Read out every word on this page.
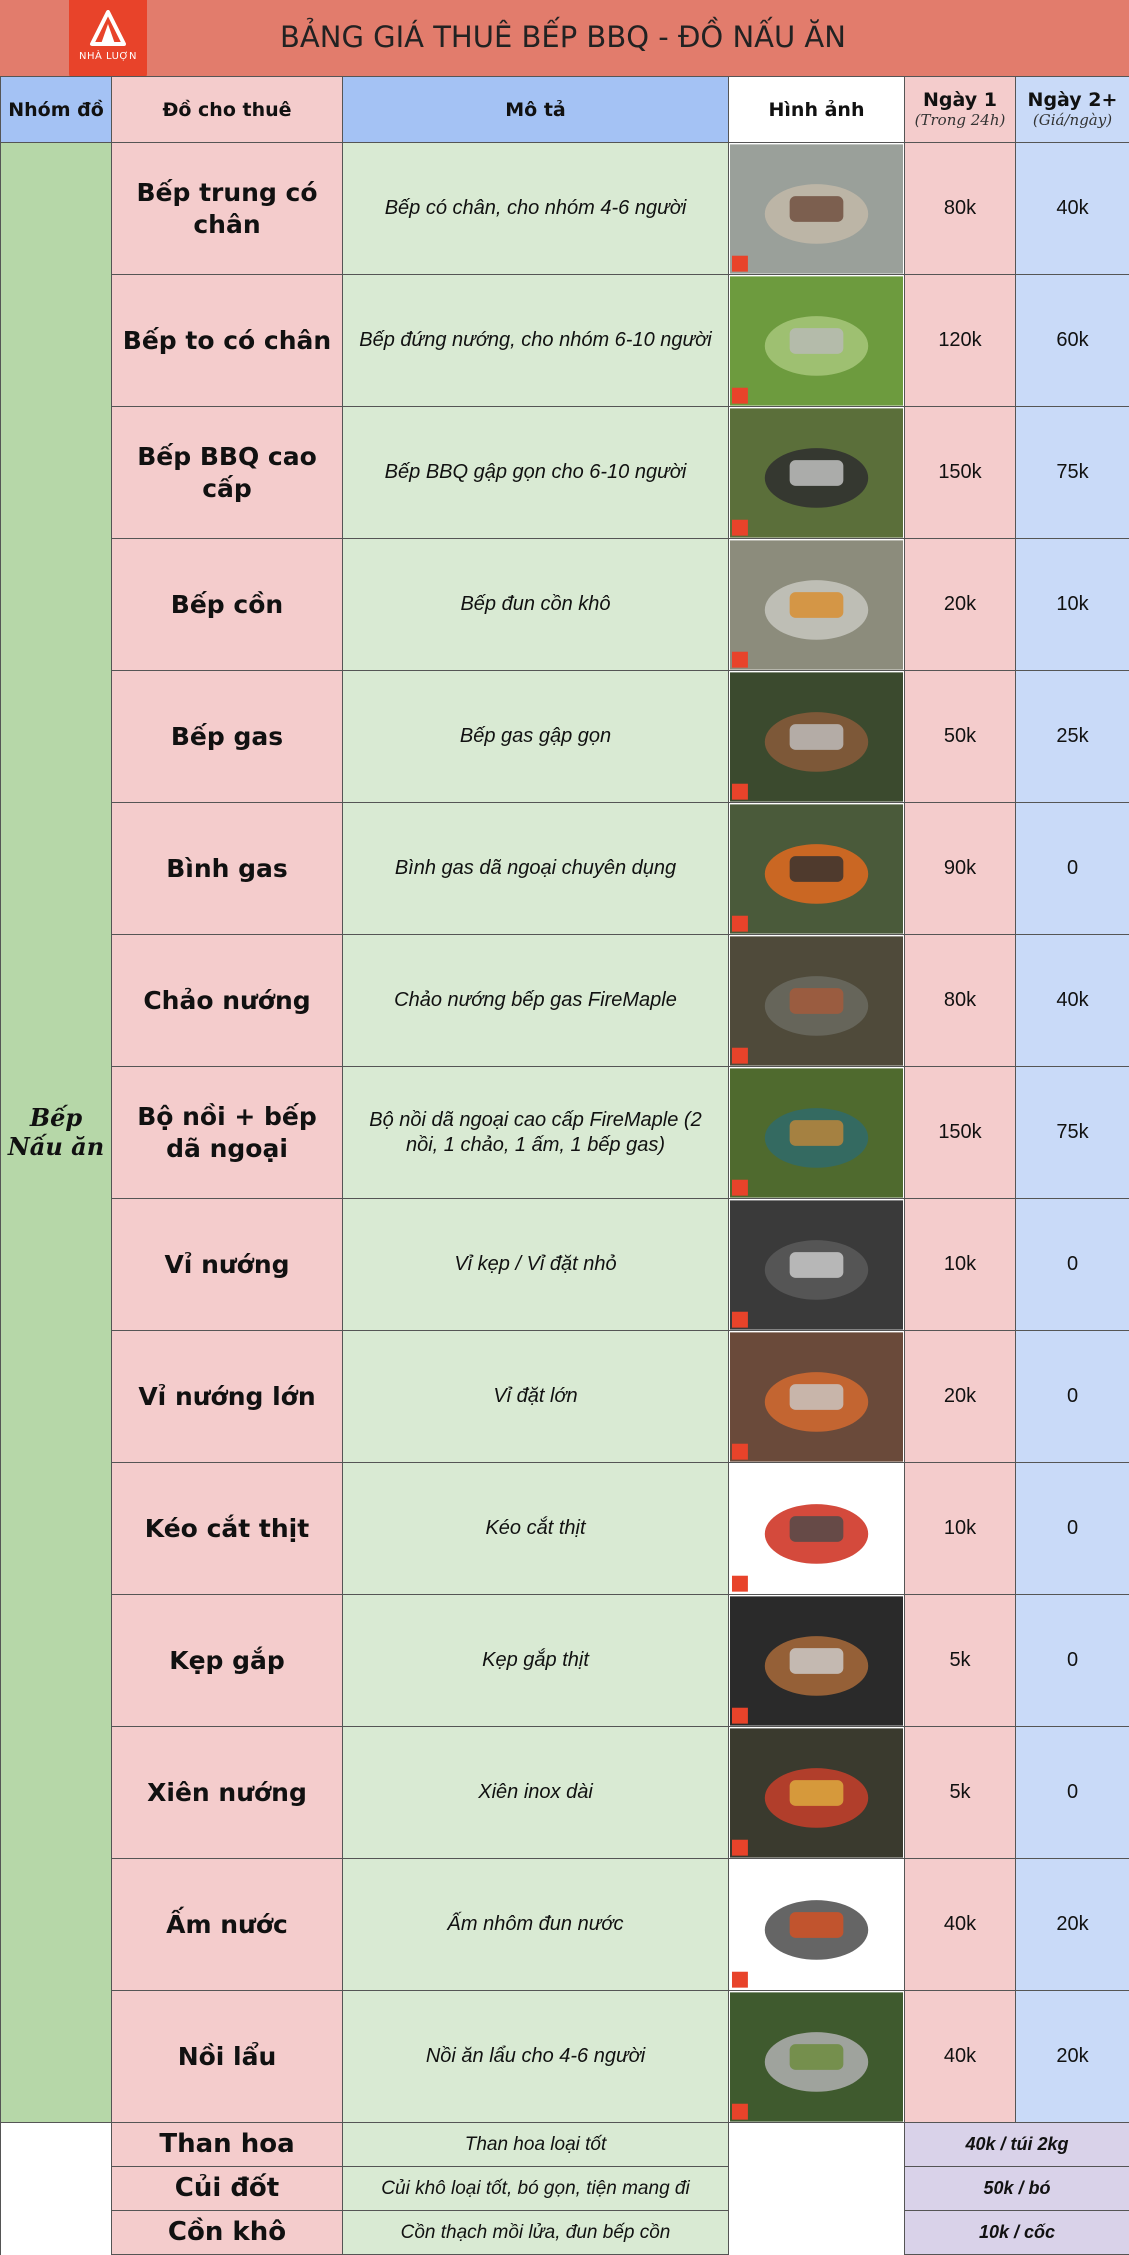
NHÀ LUỢN
BẢNG GIÁ THUÊ BẾP BBQ - ĐỒ NẤU ĂN
Nhóm đồ	Đồ cho thuê	Mô tả	Hình ảnh	Ngày 1
(Trong 24h)	Ngày 2+
(Giá/ngày)

Bếp
Nấu ăn	Bếp trung có chân	Bếp có chân, cho nhóm 4-6 người		80k	40k
	Bếp to có chân	Bếp đứng nướng, cho nhóm 6-10 người		120k	60k
	Bếp BBQ cao cấp	Bếp BBQ gập gọn cho 6-10 người		150k	75k
	Bếp cồn	Bếp đun cồn khô		20k	10k
	Bếp gas	Bếp gas gập gọn		50k	25k
	Bình gas	Bình gas dã ngoại chuyên dụng		90k	0
	Chảo nướng	Chảo nướng bếp gas FireMaple		80k	40k
	Bộ nồi + bếp dã ngoại	Bộ nồi dã ngoại cao cấp FireMaple (2 nồi, 1 chảo, 1 ấm, 1 bếp gas)		150k	75k
	Vỉ nướng	Vỉ kẹp / Vỉ đặt nhỏ		10k	0
	Vỉ nướng lớn	Vỉ đặt lớn		20k	0
	Kéo cắt thịt	Kéo cắt thịt		10k	0
	Kẹp gắp	Kẹp gắp thịt		5k	0
	Xiên nướng	Xiên inox dài		5k	0
	Ấm nước	Ấm nhôm đun nước		40k	20k
	Nồi lẩu	Nồi ăn lẩu cho 4-6 người		40k	20k
	Than hoa	Than hoa loại tốt		40k / túi 2kg	
	Củi đốt	Củi khô loại tốt, bó gọn, tiện mang đi		50k / bó	
	Cồn khô	Cồn thạch mồi lửa, đun bếp cồn		10k / cốc	
